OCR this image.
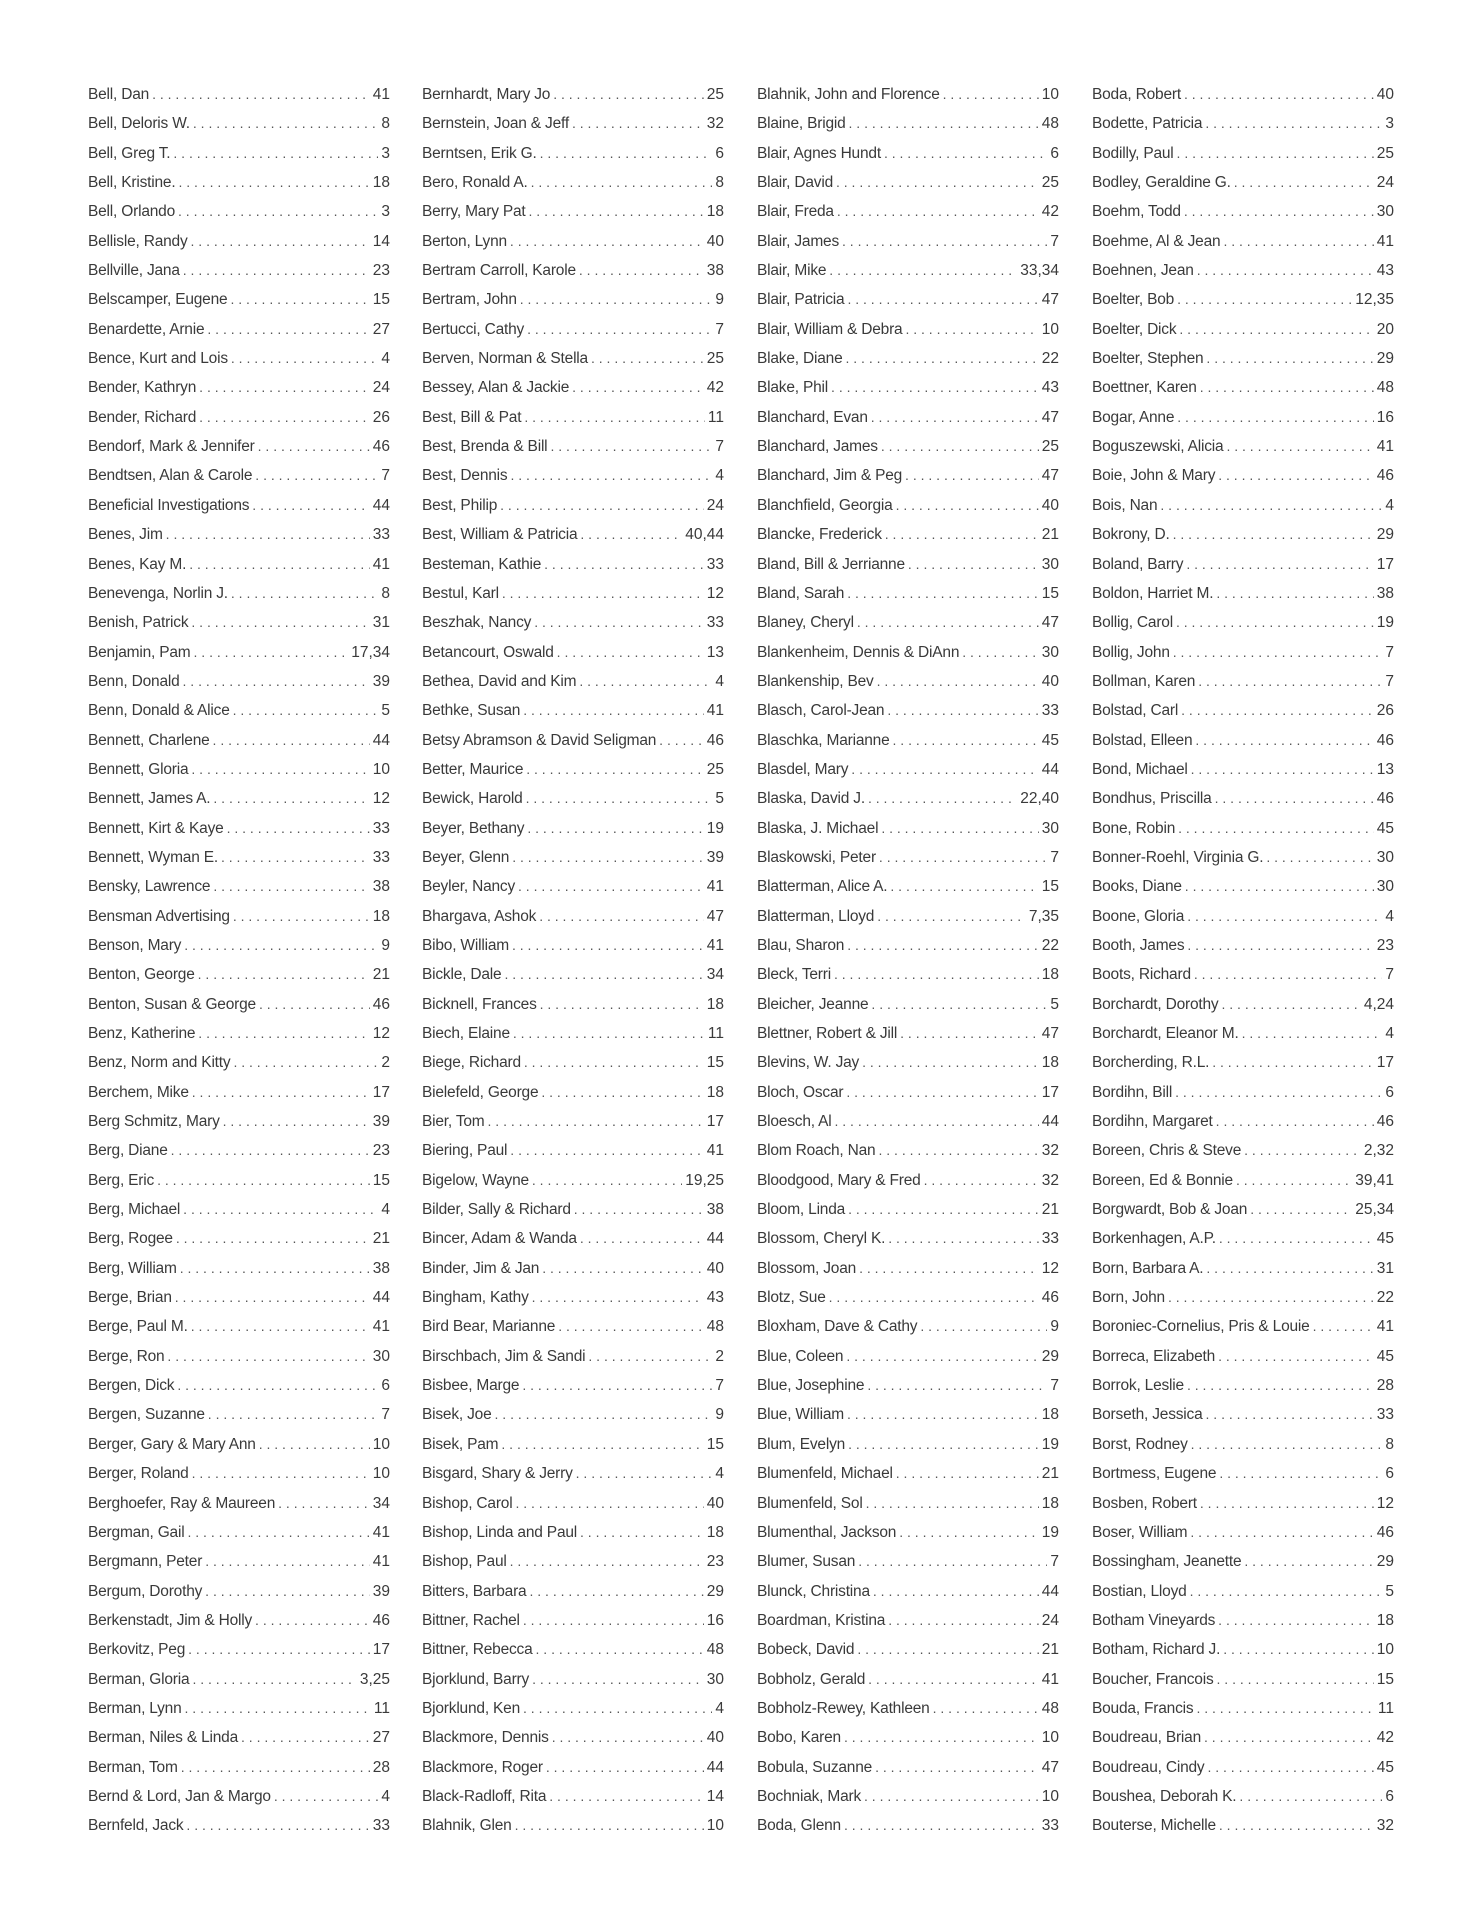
Bell, Dan . . .	41
Bell, Deloris W. . . .	8
Bell, Greg T. . . .	3
Bell, Kristine. . . .	18
Bell, Orlando . . .	3
Bellisle, Randy . . .	14
Bellville, Jana . . .	23
Belscamper, Eugene . . .	15
Benardette, Arnie . . .	27
Bence, Kurt and Lois . . .	4
Bender, Kathryn . . .	24
Bender, Richard . . .	26
Bendorf, Mark & Jennifer . . .	46
Bendtsen, Alan & Carole . . .	7
Beneficial Investigations . . .	44
Benes, Jim . . .	33
Benes, Kay M. . . .	41
Benevenga, Norlin J. . . .	8
Benish, Patrick . . .	31
Benjamin, Pam . . .	17,34
Benn, Donald . . .	39
Benn, Donald & Alice . . .	5
Bennett, Charlene . . .	44
Bennett, Gloria . . .	10
Bennett, James A. . . .	12
Bennett, Kirt & Kaye . . .	33
Bennett, Wyman E. . . .	33
Bensky, Lawrence . . .	38
Bensman Advertising . . .	18
Benson, Mary . . .	9
Benton, George . . .	21
Benton, Susan & George . . .	46
Benz, Katherine . . .	12
Benz, Norm and Kitty . . .	2
Berchem, Mike . . .	17
Berg Schmitz, Mary . . .	39
Berg, Diane . . .	23
Berg, Eric . . .	15
Berg, Michael . . .	4
Berg, Rogee . . .	21
Berg, William . . .	38
Berge, Brian . . .	44
Berge, Paul M. . . .	41
Berge, Ron . . .	30
Bergen, Dick . . .	6
Bergen, Suzanne . . .	7
Berger, Gary & Mary Ann . . .	10
Berger, Roland . . .	10
Berghoefer, Ray & Maureen . . .	34
Bergman, Gail . . .	41
Bergmann, Peter . . .	41
Bergum, Dorothy . . .	39
Berkenstadt, Jim & Holly . . .	46
Berkovitz, Peg . . .	17
Berman, Gloria . . .	3,25
Berman, Lynn . . .	11
Berman, Niles & Linda . . .	27
Berman, Tom . . .	28
Bernd & Lord, Jan & Margo . . .	4
Bernfeld, Jack . . .	33
Bernhardt, Mary Jo . . .	25
Bernstein, Joan & Jeff . . .	32
Berntsen, Erik G. . . .	6
Bero, Ronald A. . . .	8
Berry, Mary Pat . . .	18
Berton, Lynn . . .	40
Bertram Carroll, Karole . . .	38
Bertram, John . . .	9
Bertucci, Cathy . . .	7
Berven, Norman & Stella . . .	25
Bessey, Alan & Jackie . . .	42
Best, Bill & Pat . . .	11
Best, Brenda & Bill . . .	7
Best, Dennis . . .	4
Best, Philip . . .	24
Best, William & Patricia . . .	40,44
Besteman, Kathie . . .	33
Bestul, Karl . . .	12
Beszhak, Nancy . . .	33
Betancourt, Oswald . . .	13
Bethea, David and Kim . . .	4
Bethke, Susan . . .	41
Betsy Abramson & David Seligman . . .	46
Better, Maurice . . .	25
Bewick, Harold . . .	5
Beyer, Bethany . . .	19
Beyer, Glenn . . .	39
Beyler, Nancy . . .	41
Bhargava, Ashok . . .	47
Bibo, William . . .	41
Bickle, Dale . . .	34
Bicknell, Frances . . .	18
Biech, Elaine . . .	11
Biege, Richard . . .	15
Bielefeld, George . . .	18
Bier, Tom . . .	17
Biering, Paul . . .	41
Bigelow, Wayne . . .	19,25
Bilder, Sally & Richard . . .	38
Bincer, Adam & Wanda . . .	44
Binder, Jim & Jan . . .	40
Bingham, Kathy . . .	43
Bird Bear, Marianne . . .	48
Birschbach, Jim & Sandi . . .	2
Bisbee, Marge . . .	7
Bisek, Joe . . .	9
Bisek, Pam . . .	15
Bisgard, Shary & Jerry . . .	4
Bishop, Carol . . .	40
Bishop, Linda and Paul . . .	18
Bishop, Paul . . .	23
Bitters, Barbara . . .	29
Bittner, Rachel . . .	16
Bittner, Rebecca . . .	48
Bjorklund, Barry . . .	30
Bjorklund, Ken . . .	4
Blackmore, Dennis . . .	40
Blackmore, Roger . . .	44
Black-Radloff, Rita . . .	14
Blahnik, Glen . . .	10
Blahnik, John and Florence . . .	10
Blaine, Brigid . . .	48
Blair, Agnes Hundt . . .	6
Blair, David . . .	25
Blair, Freda . . .	42
Blair, James . . .	7
Blair, Mike . . .	33,34
Blair, Patricia . . .	47
Blair, William & Debra . . .	10
Blake, Diane . . .	22
Blake, Phil . . .	43
Blanchard, Evan . . .	47
Blanchard, James . . .	25
Blanchard, Jim & Peg . . .	47
Blanchfield, Georgia . . .	40
Blancke, Frederick . . .	21
Bland, Bill & Jerrianne . . .	30
Bland, Sarah . . .	15
Blaney, Cheryl . . .	47
Blankenheim, Dennis & DiAnn . . .	30
Blankenship, Bev . . .	40
Blasch, Carol-Jean . . .	33
Blaschka, Marianne . . .	45
Blasdel, Mary . . .	44
Blaska, David J. . . .	22,40
Blaska, J. Michael . . .	30
Blaskowski, Peter . . .	7
Blatterman, Alice A. . . .	15
Blatterman, Lloyd . . .	7,35
Blau, Sharon . . .	22
Bleck, Terri . . .	18
Bleicher, Jeanne . . .	5
Blettner, Robert & Jill . . .	47
Blevins, W. Jay . . .	18
Bloch, Oscar . . .	17
Bloesch, Al . . .	44
Blom Roach, Nan . . .	32
Bloodgood, Mary & Fred . . .	32
Bloom, Linda . . .	21
Blossom, Cheryl K. . . .	33
Blossom, Joan . . .	12
Blotz, Sue . . .	46
Bloxham, Dave & Cathy . . .	9
Blue, Coleen . . .	29
Blue, Josephine . . .	7
Blue, William . . .	18
Blum, Evelyn . . .	19
Blumenfeld, Michael . . .	21
Blumenfeld, Sol . . .	18
Blumenthal, Jackson . . .	19
Blumer, Susan . . .	7
Blunck, Christina . . .	44
Boardman, Kristina . . .	24
Bobeck, David . . .	21
Bobholz, Gerald . . .	41
Bobholz-Rewey, Kathleen . . .	48
Bobo, Karen . . .	10
Bobula, Suzanne . . .	47
Bochniak, Mark . . .	10
Boda, Glenn . . .	33
Boda, Robert . . .	40
Bodette, Patricia . . .	3
Bodilly, Paul . . .	25
Bodley, Geraldine G. . . .	24
Boehm, Todd . . .	30
Boehme, Al & Jean . . .	41
Boehnen, Jean . . .	43
Boelter, Bob . . .	12,35
Boelter, Dick . . .	20
Boelter, Stephen . . .	29
Boettner, Karen . . .	48
Bogar, Anne . . .	16
Boguszewski, Alicia . . .	41
Boie, John & Mary . . .	46
Bois, Nan . . .	4
Bokrony, D. . . .	29
Boland, Barry . . .	17
Boldon, Harriet M. . . .	38
Bollig, Carol . . .	19
Bollig, John . . .	7
Bollman, Karen . . .	7
Bolstad, Carl . . .	26
Bolstad, Elleen . . .	46
Bond, Michael . . .	13
Bondhus, Priscilla . . .	46
Bone, Robin . . .	45
Bonner-Roehl, Virginia G. . . .	30
Books, Diane . . .	30
Boone, Gloria . . .	4
Booth, James . . .	23
Boots, Richard . . .	7
Borchardt, Dorothy . . .	4,24
Borchardt, Eleanor M. . . .	4
Borcherding, R.L. . . .	17
Bordihn, Bill . . .	6
Bordihn, Margaret . . .	46
Boreen, Chris & Steve . . .	2,32
Boreen, Ed & Bonnie . . .	39,41
Borgwardt, Bob & Joan . . .	25,34
Borkenhagen, A.P. . . .	45
Born, Barbara A. . . .	31
Born, John . . .	22
Boroniec-Cornelius, Pris & Louie . . .	41
Borreca, Elizabeth . . .	45
Borrok, Leslie . . .	28
Borseth, Jessica . . .	33
Borst, Rodney . . .	8
Bortmess, Eugene . . .	6
Bosben, Robert . . .	12
Boser, William . . .	46
Bossingham, Jeanette . . .	29
Bostian, Lloyd . . .	5
Botham Vineyards . . .	18
Botham, Richard J. . . .	10
Boucher, Francois . . .	15
Bouda, Francis . . .	11
Boudreau, Brian . . .	42
Boudreau, Cindy . . .	45
Boushea, Deborah K. . . .	6
Bouterse, Michelle . . .	32
